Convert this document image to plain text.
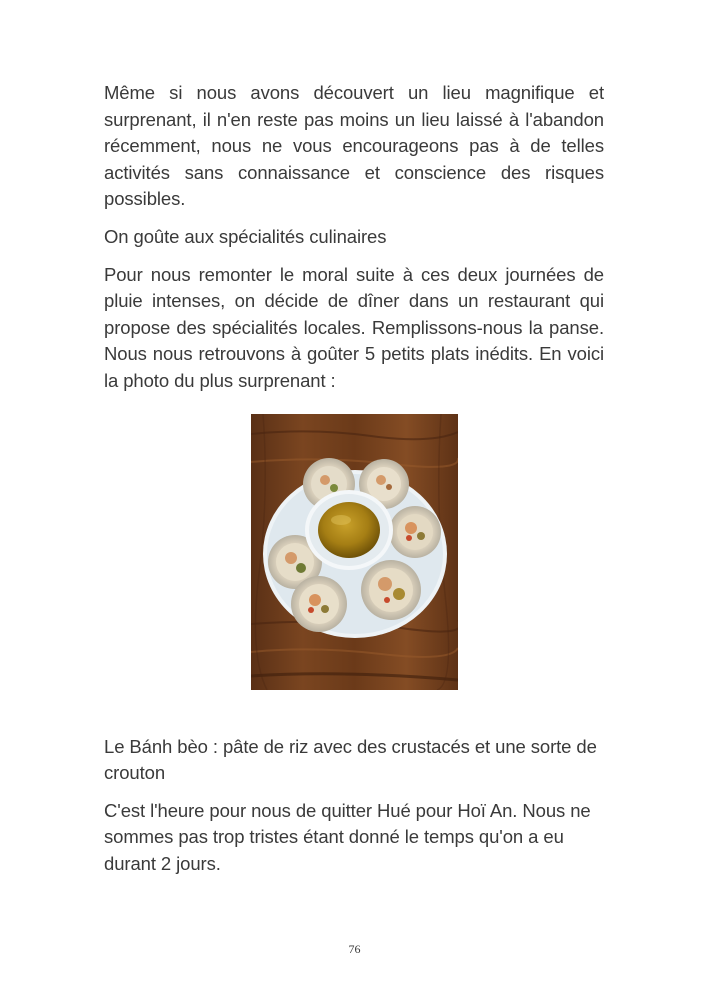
Même si nous avons découvert un lieu magnifique et surprenant, il n'en reste pas moins un lieu laissé à l'abandon récemment, nous ne vous encourageons pas à de telles activités sans connaissance et conscience des risques possibles.

On goûte aux spécialités culinaires

Pour nous remonter le moral suite à ces deux journées de pluie intenses, on décide de dîner dans un restaurant qui propose des spécialités locales. Remplissons-nous la panse. Nous nous retrouvons à goûter 5 petits plats inédits. En voici la photo du plus surprenant :

Le Bánh bèo : pâte de riz avec des crustacés et une sorte de crouton

C'est l'heure pour nous de quitter Hué pour Hoï An. Nous ne sommes pas trop tristes étant donné le temps qu'on a eu durant 2 jours.

76
